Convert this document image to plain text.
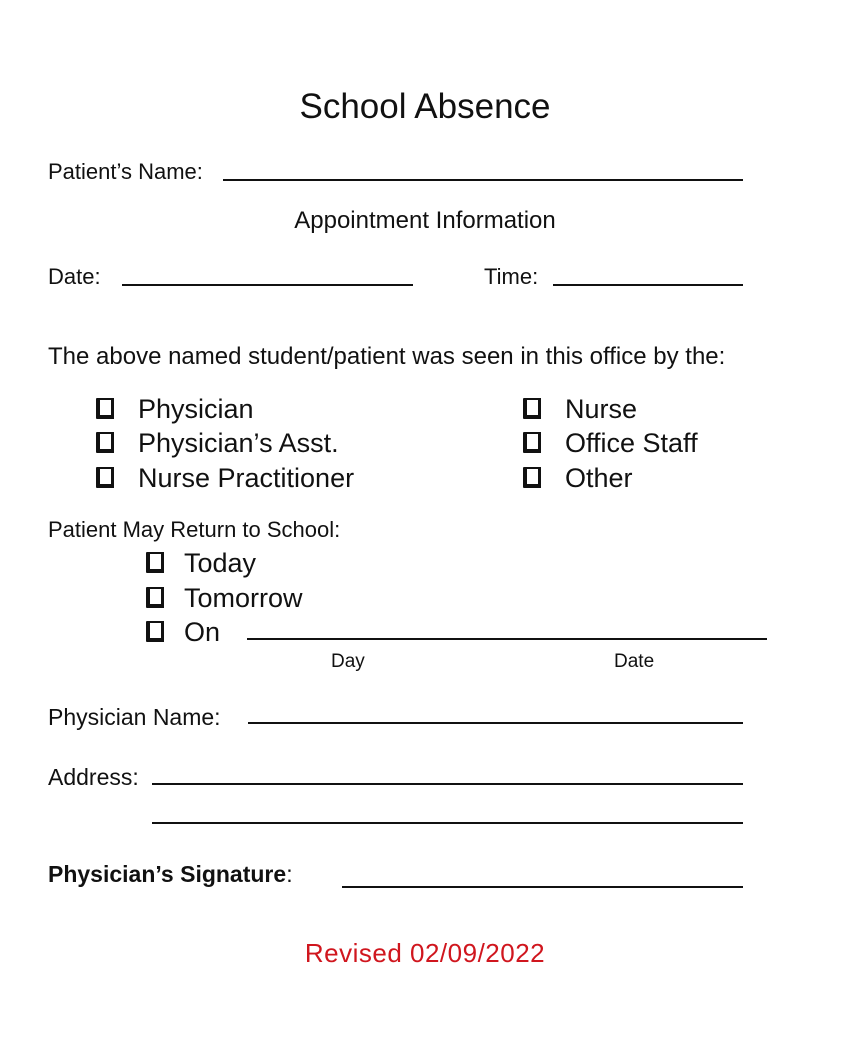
School Absence
Patient’s Name:
Appointment Information
Date:	Time:
The above named student/patient was seen in this office by the:
Physician
Physician’s Asst.
Nurse Practitioner
Nurse
Office Staff
Other
Patient May Return to School:
Today
Tomorrow
On
Day	Date
Physician Name:
Address:
Physician’s Signature:
Revised 02/09/2022
